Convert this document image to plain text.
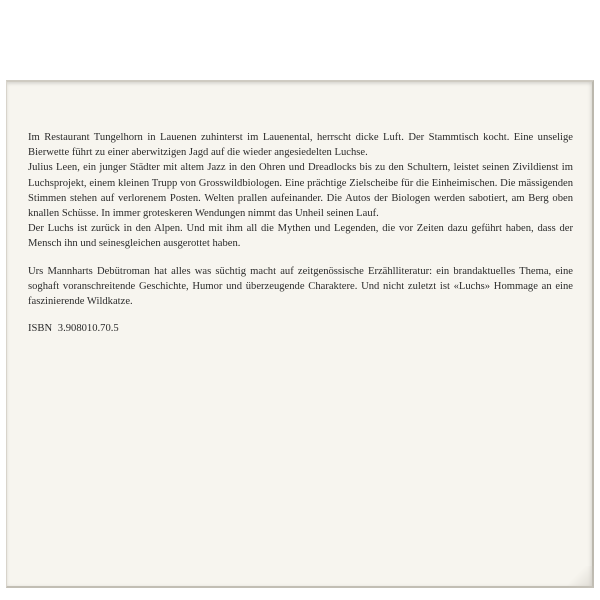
Im Restaurant Tungelhorn in Lauenen zuhinterst im Lauenental, herrscht dicke Luft. Der Stammtisch kocht. Eine unselige Bierwette führt zu einer aberwitzigen Jagd auf die wieder angesiedelten Luchse.

Julius Leen, ein junger Städter mit altem Jazz in den Ohren und Dreadlocks bis zu den Schultern, leistet seinen Zivildienst im Luchsprojekt, einem kleinen Trupp von Grosswildbiologen. Eine prächtige Zielscheibe für die Einheimischen. Die mässigenden Stimmen stehen auf verlorenem Posten. Welten prallen aufeinander. Die Autos der Biologen werden sabotiert, am Berg oben knallen Schüsse. In immer groteskeren Wendungen nimmt das Unheil seinen Lauf.

Der Luchs ist zurück in den Alpen. Und mit ihm all die Mythen und Legenden, die vor Zeiten dazu geführt haben, dass der Mensch ihn und seinesgleichen ausgerottet haben.

Urs Mannharts Debütroman hat alles was süchtig macht auf zeitgenössische Erzählliteratur: ein brandaktuelles Thema, eine soghaft voranschreitende Geschichte, Humor und überzeugende Charaktere. Und nicht zuletzt ist «Luchs» Hommage an eine faszinierende Wildkatze.

ISBN 3.908010.70.5
